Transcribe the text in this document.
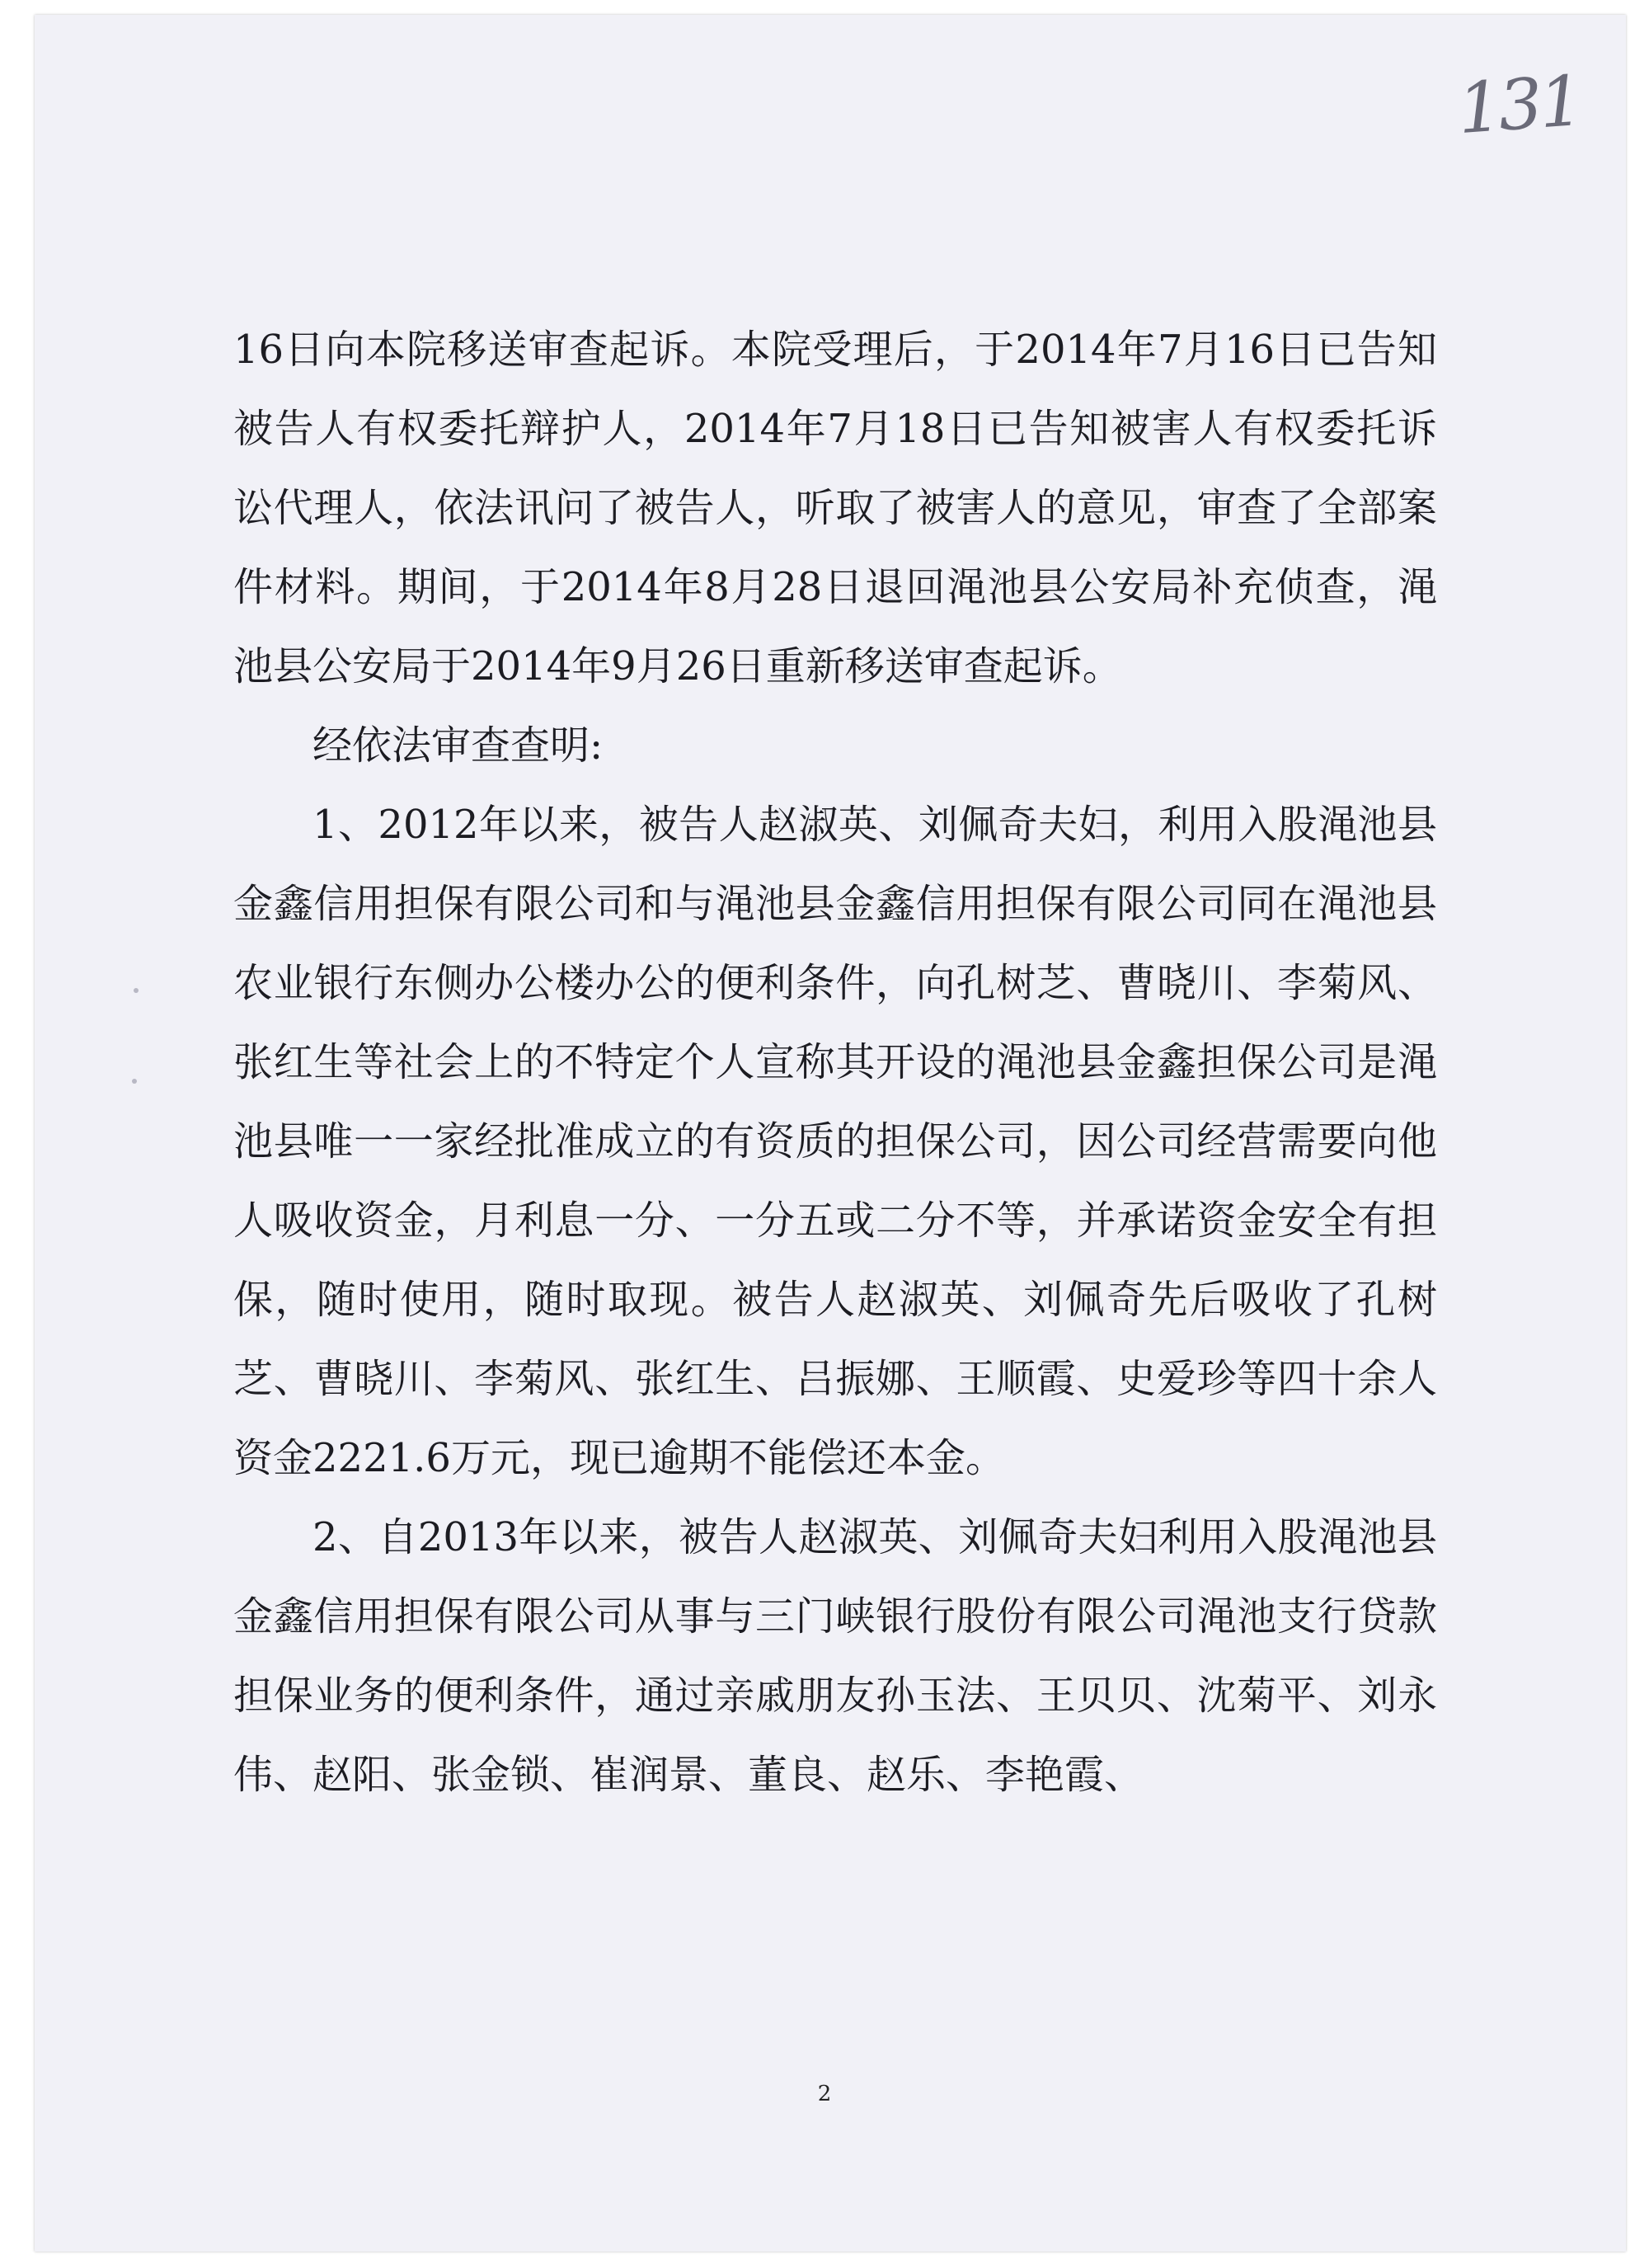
131

16日向本院移送审查起诉。本院受理后，于2014年7月16日已告知被告人有权委托辩护人，2014年7月18日已告知被害人有权委托诉讼代理人，依法讯问了被告人，听取了被害人的意见，审查了全部案件材料。期间，于2014年8月28日退回渑池县公安局补充侦查，渑池县公安局于2014年9月26日重新移送审查起诉。

经依法审查查明:

1、2012年以来，被告人赵淑英、刘佩奇夫妇，利用入股渑池县金鑫信用担保有限公司和与渑池县金鑫信用担保有限公司同在渑池县农业银行东侧办公楼办公的便利条件，向孔树芝、曹晓川、李菊风、张红生等社会上的不特定个人宣称其开设的渑池县金鑫担保公司是渑池县唯一一家经批准成立的有资质的担保公司，因公司经营需要向他人吸收资金，月利息一分、一分五或二分不等，并承诺资金安全有担保，随时使用，随时取现。被告人赵淑英、刘佩奇先后吸收了孔树芝、曹晓川、李菊风、张红生、吕振娜、王顺霞、史爱珍等四十余人资金2221.6万元，现已逾期不能偿还本金。

2、自2013年以来，被告人赵淑英、刘佩奇夫妇利用入股渑池县金鑫信用担保有限公司从事与三门峡银行股份有限公司渑池支行贷款担保业务的便利条件，通过亲戚朋友孙玉法、王贝贝、沈菊平、刘永伟、赵阳、张金锁、崔润景、董良、赵乐、李艳霞、

2
